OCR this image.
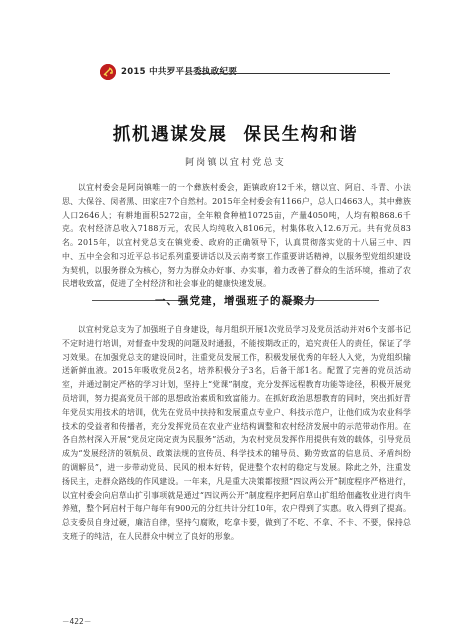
2015 中共罗平县委执政纪要
抓机遇谋发展 保民生构和谐
阿岗镇以宜村党总支

以宜村委会是阿岗镇唯一的一个彝族村委会，距镇政府12千米，辖以宜、阿启、斗青、小法思、大保谷、闵者黑、田家庄7个自然村。2015年全村委会有1166户，总人口4663人，其中彝族人口2646人；有耕地面积5272亩，全年粮食种植10725亩，产量4050吨，人均有粮868.6千克。农村经济总收入7188万元，农民人均纯收入8106元，村集体收入12.6万元。共有党员83名。 2015年，以宜村党总支在镇党委、政府的正确领导下，认真贯彻落实党的十八届三中、四中、五中全会和习近平总书记系列重要讲话以及云南考察工作重要讲话精神，以服务型党组织建设为契机，以服务群众为核心，努力为群众办好事、办实事，着力改善了群众的生活环境，推动了农民增收致富，促进了全村经济和社会事业的健康快速发展。

一、强党建，增强班子的凝聚力

以宜村党总支为了加强班子自身建设，每月组织开展1次党员学习及党员活动并对6个支部书记不定时进行培训，对督查中发现的问题及时通报，不能按期改正的，追究责任人的责任，保证了学习效果。在加强党总支的建设同时，注重党员发展工作，积极发展优秀的年轻人入党，为党组织输送新鲜血液。2015年吸收党员2名，培养积极分子3名，后备干部1名。配置了完善的党员活动室，并通过制定严格的学习计划，坚持上“党课”制度，充分发挥远程教育功能等途径，积极开展党员培训，努力提高党员干部的思想政治素质和致富能力。在抓好政治思想教育的同时，突出抓好青年党员实用技术的培训，优先在党员中扶持和发展重点专业户、科技示范户，让他们成为农业科学技术的受益者和传播者，充分发挥党员在农业产业结构调整和农村经济发展中的示范带动作用。在各自然村深入开展“党员定岗定责为民服务”活动，为农村党员发挥作用提供有效的载体，引导党员成为“发展经济的领航员、政策法规的宣传员、科学技术的辅导员、勤劳致富的信息员、矛盾纠纷的调解员”，进一步带动党员、民风的根本好转，促进整个农村的稳定与发展。除此之外，注重发扬民主，走群众路线的作风建设。一年来，凡是重大决策都按照“四议两公开”制度程序严格进行，以宜村委会向启草山扩引事项就是通过“四议两公开”制度程序把阿启草山扩组给佃鑫牧业进行肉牛养殖，整个阿启村于每户每年有900元的分红共计分红10年，农户得到了实惠。收入得到了提高。总支委员自身过硬，廉洁自律，坚持勺腐败，吃拿卡要，做到了不吃、不拿、不卡、不要，保持总支班子的纯洁，在人民群众中树立了良好的形象。

－422－
